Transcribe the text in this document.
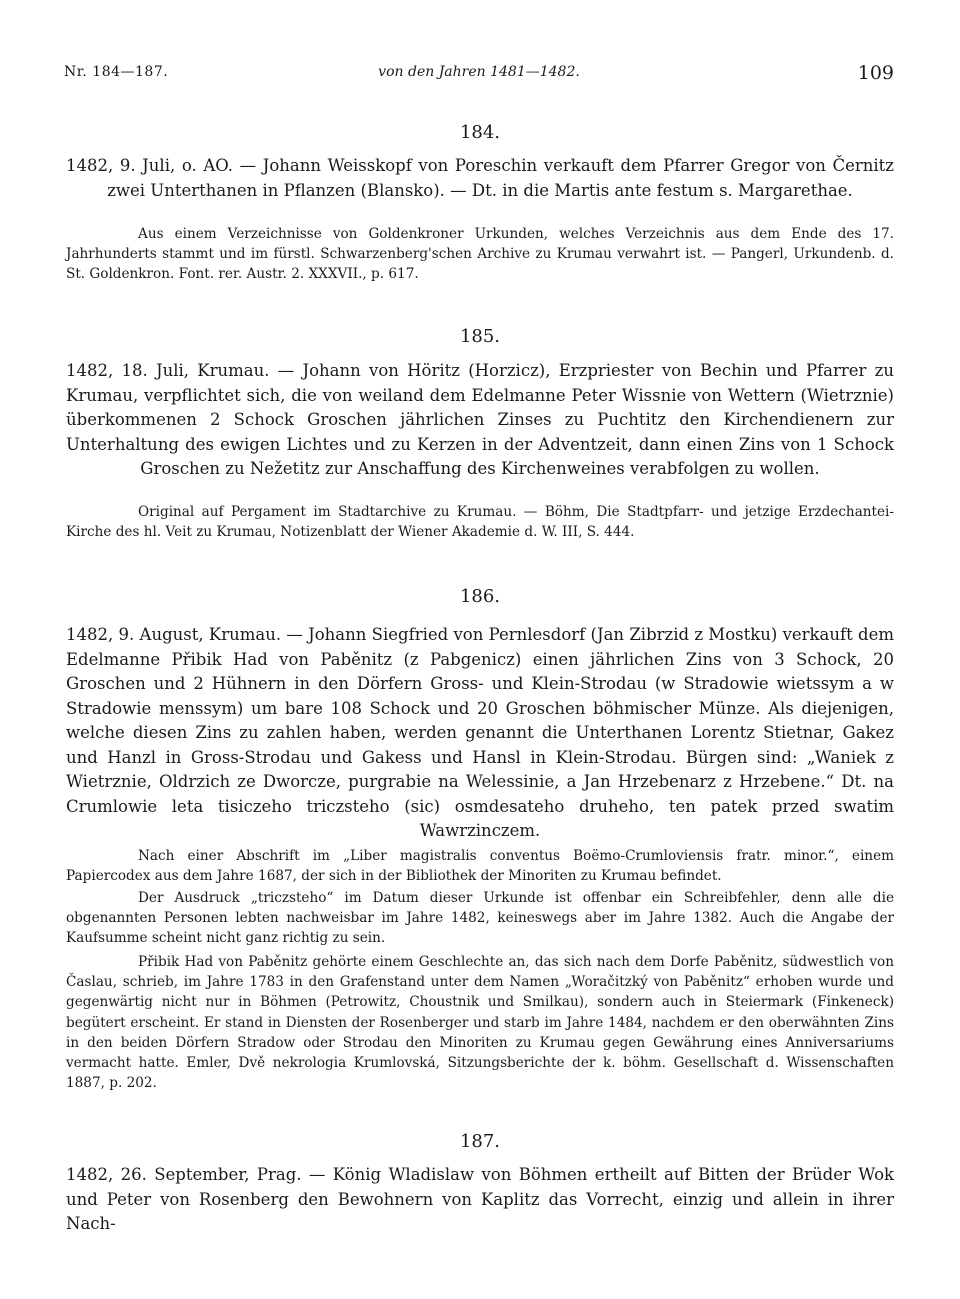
Nr. 184—187.	von den Jahren 1481—1482.	109
184.
1482, 9. Juli, o. AO. — Johann Weisskopf von Poreschin verkauft dem Pfarrer Gregor von Černitz zwei Unterthanen in Pflanzen (Blansko). — Dt. in die Martis ante festum s. Margarethae.
Aus einem Verzeichnisse von Goldenkroner Urkunden, welches Verzeichnis aus dem Ende des 17. Jahrhunderts stammt und im fürstl. Schwarzenberg'schen Archive zu Krumau verwahrt ist. — Pangerl, Urkundenb. d. St. Goldenkron. Font. rer. Austr. 2. XXXVII., p. 617.
185.
1482, 18. Juli, Krumau. — Johann von Höritz (Horzicz), Erzpriester von Bechin und Pfarrer zu Krumau, verpflichtet sich, die von weiland dem Edelmanne Peter Wissnie von Wettern (Wietrznie) überkommenen 2 Schock Groschen jährlichen Zinses zu Puchtitz den Kirchendienern zur Unterhaltung des ewigen Lichtes und zu Kerzen in der Adventzeit, dann einen Zins von 1 Schock Groschen zu Nežetitz zur Anschaffung des Kirchenweines verabfolgen zu wollen.
Original auf Pergament im Stadtarchive zu Krumau. — Böhm, Die Stadtpfarr- und jetzige Erzdechantei-Kirche des hl. Veit zu Krumau, Notizenblatt der Wiener Akademie d. W. III, S. 444.
186.
1482, 9. August, Krumau. — Johann Siegfried von Pernlesdorf (Jan Zibrzid z Mostku) verkauft dem Edelmanne Přibik Had von Paběnitz (z Pabgenicz) einen jährlichen Zins von 3 Schock, 20 Groschen und 2 Hühnern in den Dörfern Gross- und Klein-Strodau (w Stradowie wietssym a w Stradowie menssym) um bare 108 Schock und 20 Groschen böhmischer Münze. Als diejenigen, welche diesen Zins zu zahlen haben, werden genannt die Unterthanen Lorentz Stietnar, Gakez und Hanzl in Gross-Strodau und Gakess und Hansl in Klein-Strodau. Bürgen sind: „Waniek z Wietrznie, Oldrzich ze Dworcze, purgrabie na Welessinie, a Jan Hrzebenarz z Hrzebene.“ Dt. na Crumlowie leta tisiczeho triczsteho (sic) osmdesateho druheho, ten patek przed swatim Wawrzinczem.
Nach einer Abschrift im „Liber magistralis conventus Boëmo-Crumloviensis fratr. minor.“, einem Papiercodex aus dem Jahre 1687, der sich in der Bibliothek der Minoriten zu Krumau befindet.
Der Ausdruck „triczsteho“ im Datum dieser Urkunde ist offenbar ein Schreibfehler, denn alle die obgenannten Personen lebten nachweisbar im Jahre 1482, keineswegs aber im Jahre 1382. Auch die Angabe der Kaufsumme scheint nicht ganz richtig zu sein.
Přibik Had von Paběnitz gehörte einem Geschlechte an, das sich nach dem Dorfe Paběnitz, südwestlich von Časlau, schrieb, im Jahre 1783 in den Grafenstand unter dem Namen „Woračitzký von Paběnitz“ erhoben wurde und gegenwärtig nicht nur in Böhmen (Petrowitz, Choustnik und Smilkau), sondern auch in Steiermark (Finkeneck) begütert erscheint. Er stand in Diensten der Rosenberger und starb im Jahre 1484, nachdem er den oberwähnten Zins in den beiden Dörfern Stradow oder Strodau den Minoriten zu Krumau gegen Gewährung eines Anniversariums vermacht hatte. Emler, Dvě nekrologia Krumlovská, Sitzungsberichte der k. böhm. Gesellschaft d. Wissenschaften 1887, p. 202.
187.
1482, 26. September, Prag. — König Wladislaw von Böhmen ertheilt auf Bitten der Brüder Wok und Peter von Rosenberg den Bewohnern von Kaplitz das Vorrecht, einzig und allein in ihrer Nach-
